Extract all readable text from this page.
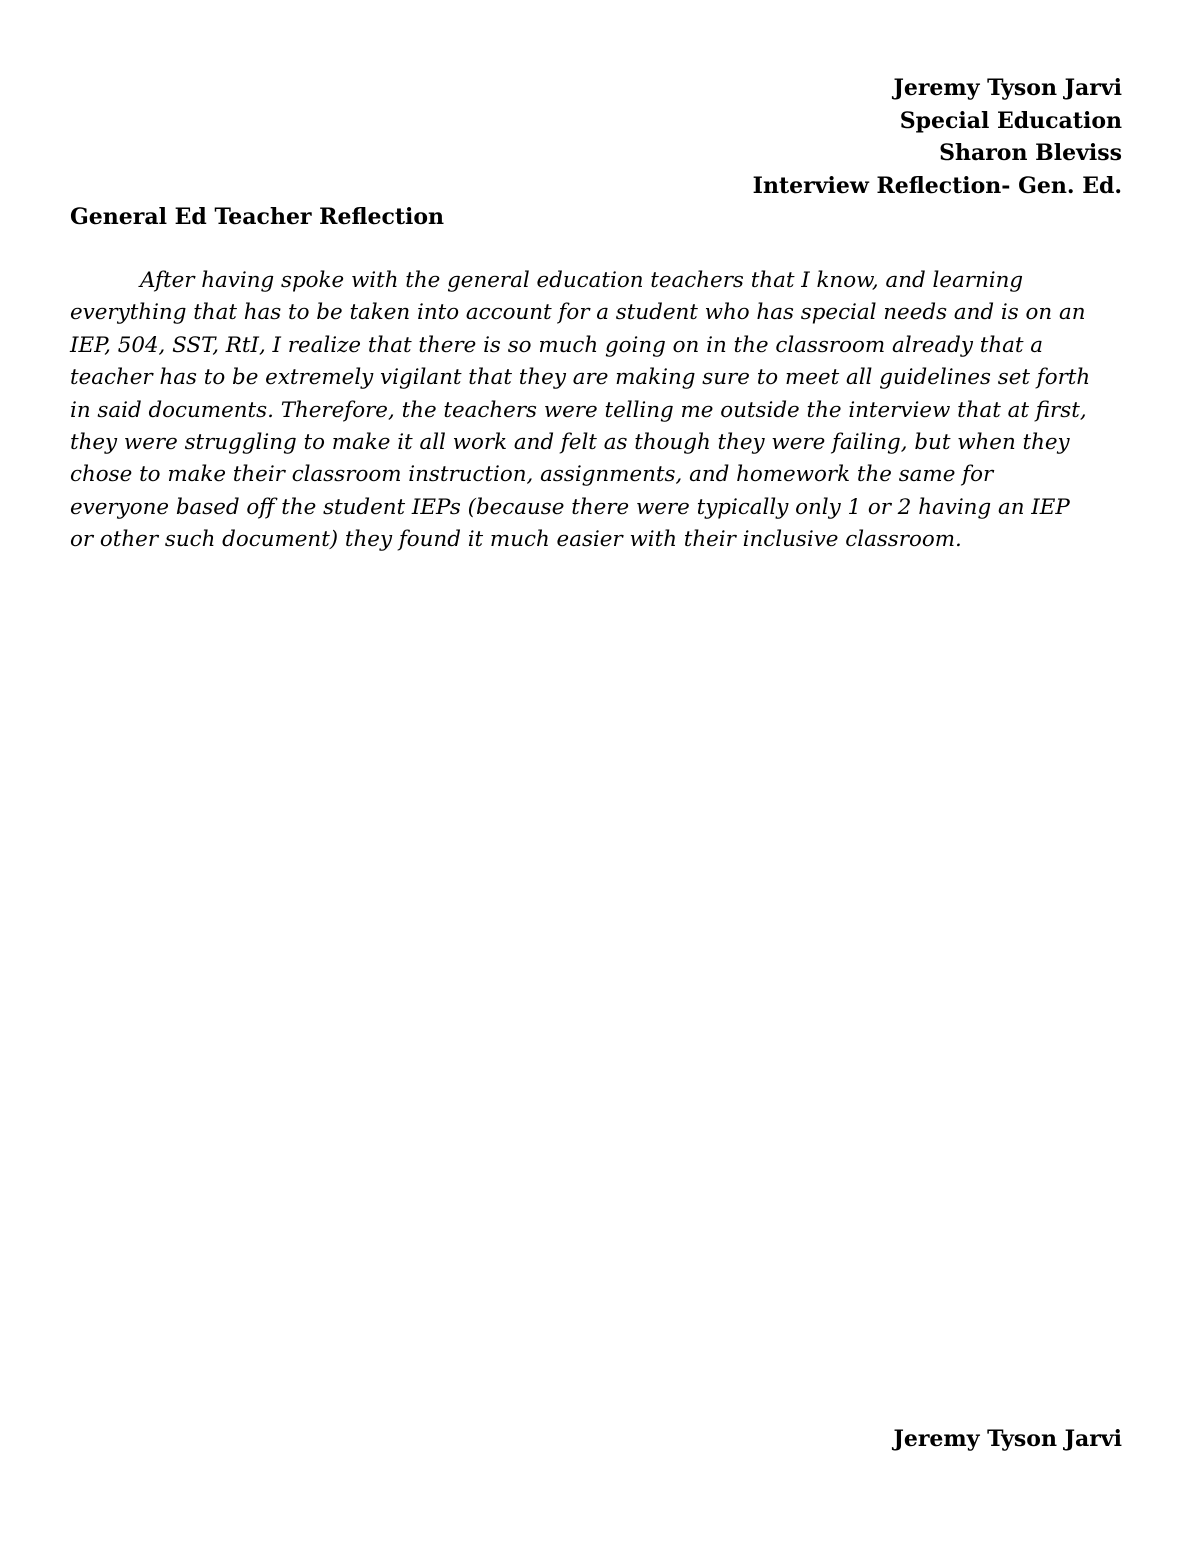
Jeremy Tyson Jarvi
Special Education
Sharon Bleviss
Interview Reflection- Gen. Ed.
General Ed Teacher Reflection
After having spoke with the general education teachers that I know, and learning
everything that has to be taken into account for a student who has special needs and is on an
IEP, 504, SST, RtI, I realize that there is so much going on in the classroom already that a
teacher has to be extremely vigilant that they are making sure to meet all guidelines set forth
in said documents. Therefore, the teachers were telling me outside the interview that at first,
they were struggling to make it all work and felt as though they were failing, but when they
chose to make their classroom instruction, assignments, and homework the same for
everyone based off the student IEPs (because there were typically only 1 or 2 having an IEP
or other such document) they found it much easier with their inclusive classroom.
Jeremy Tyson Jarvi
